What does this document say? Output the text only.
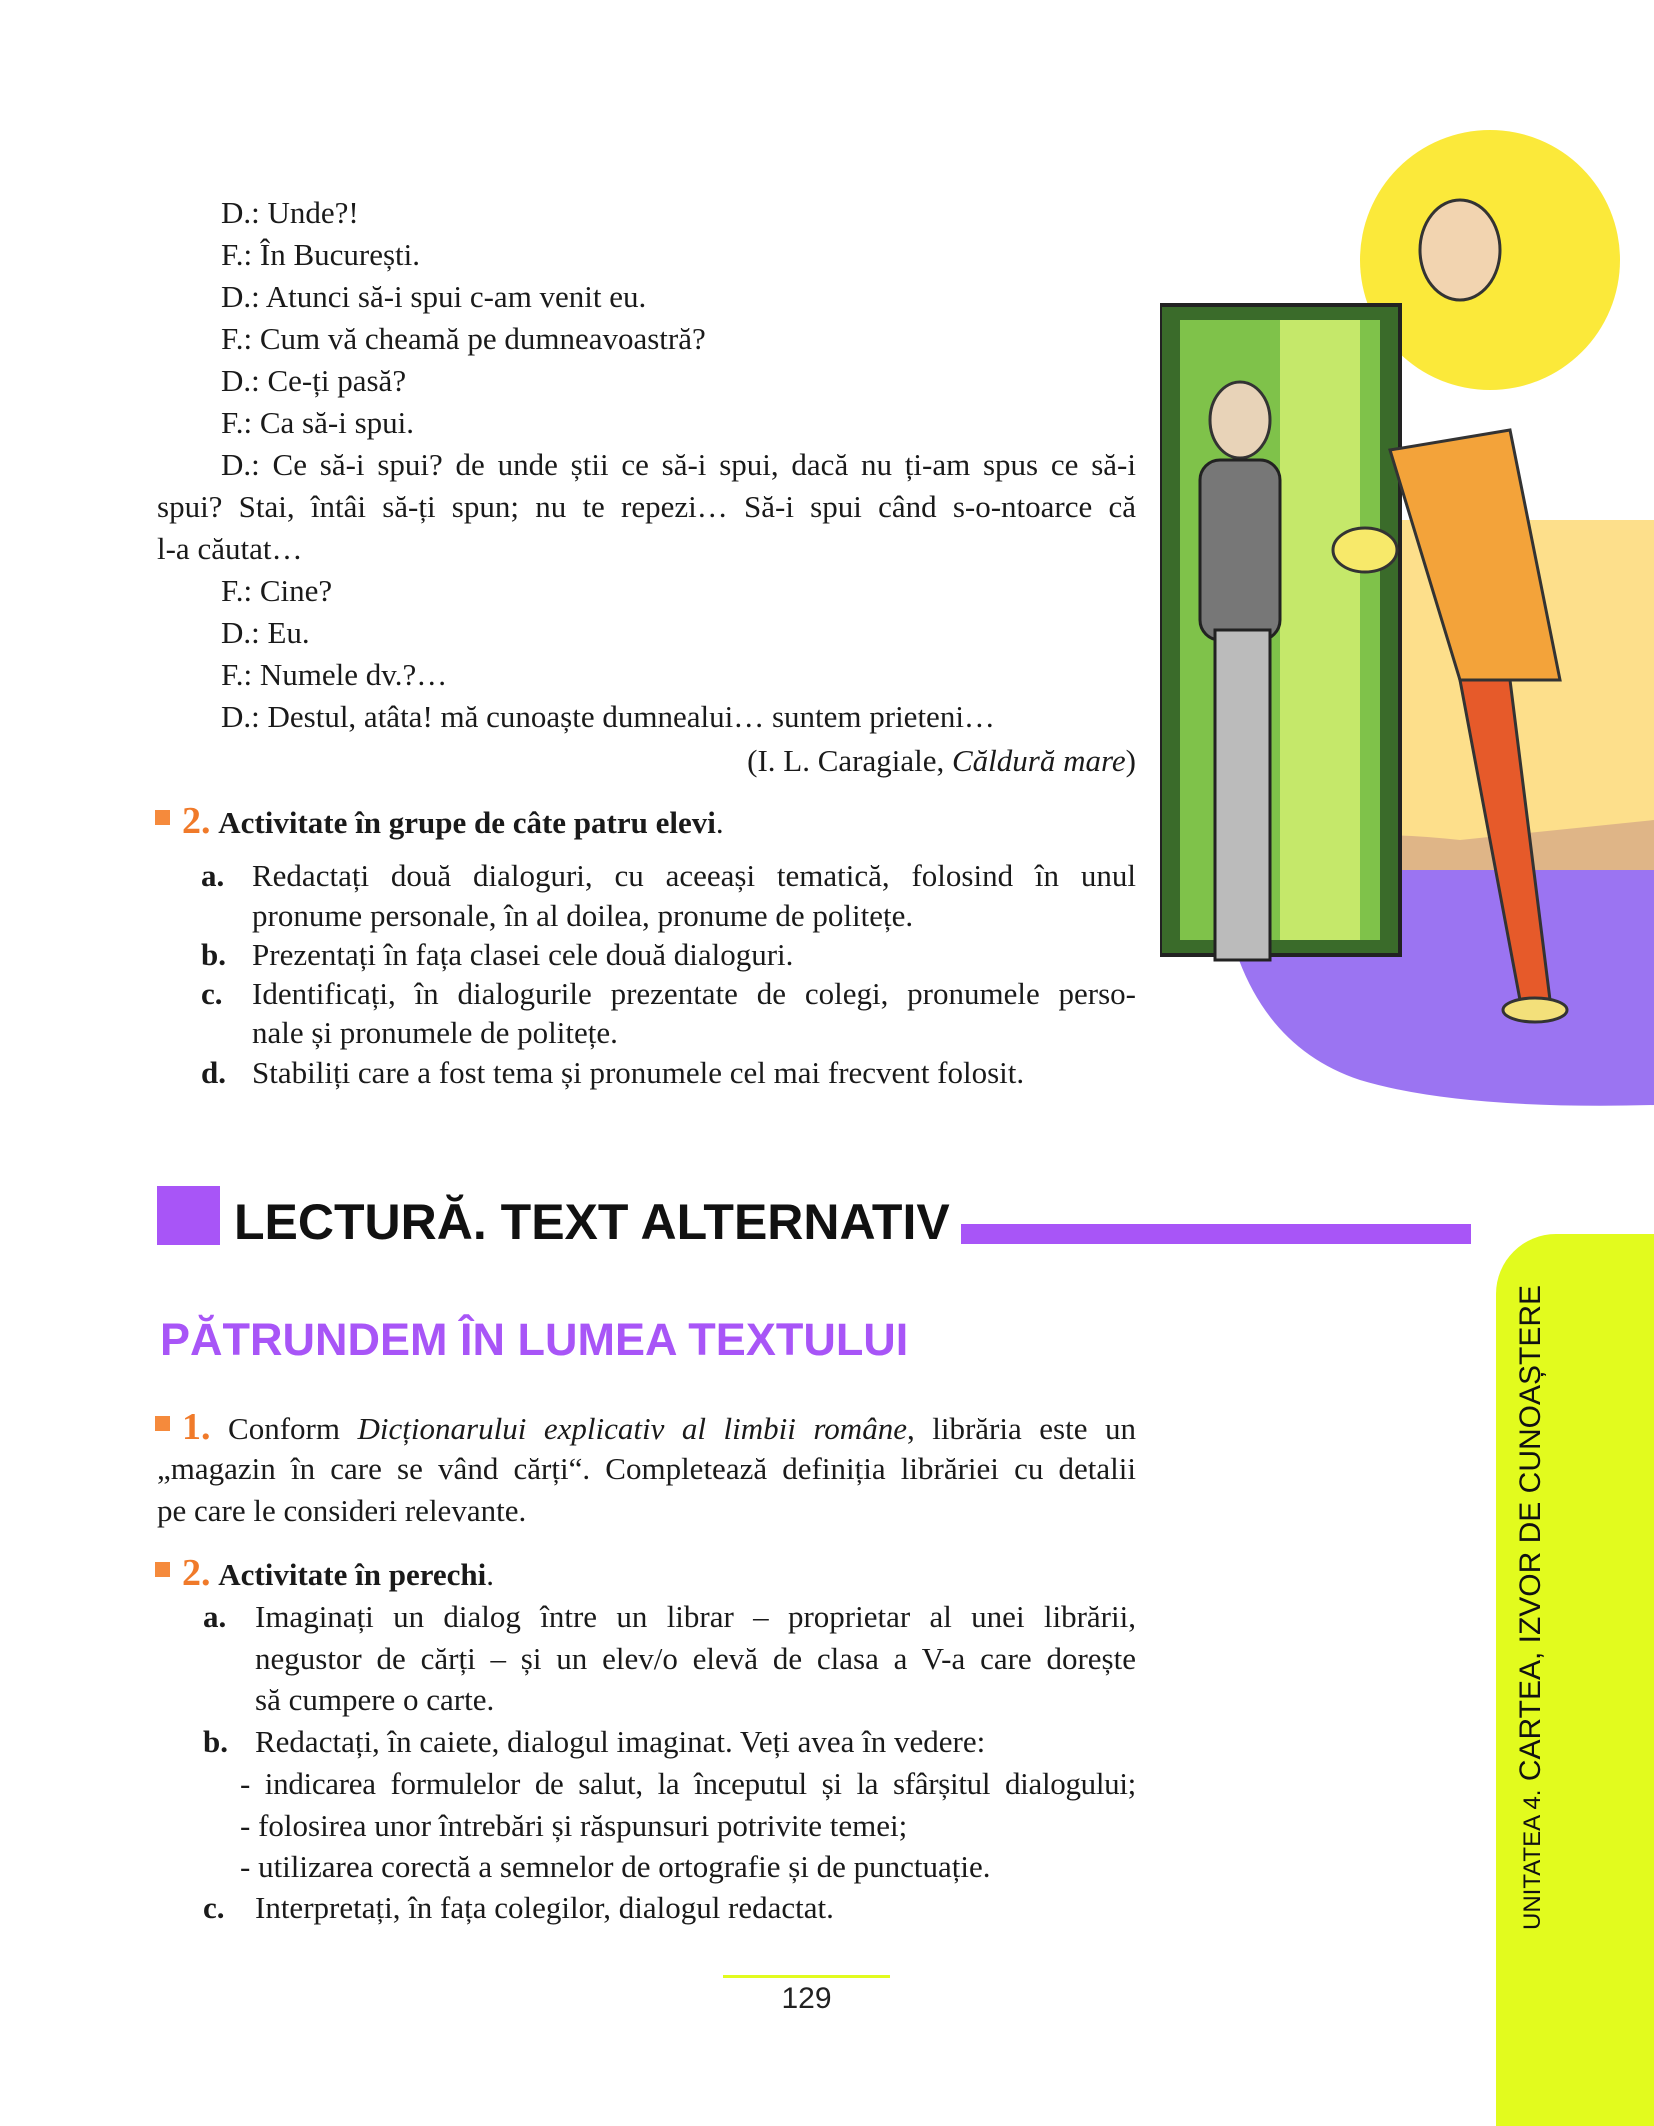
D.: Unde?!
F.: În București.
D.: Atunci să-i spui c-am venit eu.
F.: Cum vă cheamă pe dumneavoastră?
D.: Ce-ți pasă?
F.: Ca să-i spui.
D.: Ce să-i spui? de unde știi ce să-i spui, dacă nu ți-am spus ce să-i
spui? Stai, întâi să-ți spun; nu te repezi… Să-i spui când s-o-ntoarce că
l-a căutat…
F.: Cine?
D.: Eu.
F.: Numele dv.?…
D.: Destul, atâta! mă cunoaște dumnealui… suntem prieteni…
(I. L. Caragiale, Căldură mare)
2. Activitate în grupe de câte patru elevi.
a. Redactați două dialoguri, cu aceeași tematică, folosind în unul
pronume personale, în al doilea, pronume de politețe.
b. Prezentați în fața clasei cele două dialoguri.
c. Identificați, în dialogurile prezentate de colegi, pronumele perso-
nale și pronumele de politețe.
d. Stabiliți care a fost tema și pronumele cel mai frecvent folosit.
LECTURĂ. TEXT ALTERNATIV
PĂTRUNDEM ÎN LUMEA TEXTULUI
1. Conform Dicționarului explicativ al limbii române, librăria este un
„magazin în care se vând cărți“. Completează definiția librăriei cu detalii
pe care le consideri relevante.
2. Activitate în perechi.
a. Imaginați un dialog între un librar – proprietar al unei librării,
negustor de cărți – și un elev/o elevă de clasa a V-a care dorește
să cumpere o carte.
b. Redactați, în caiete, dialogul imaginat. Veți avea în vedere:
- indicarea formulelor de salut, la începutul și la sfârșitul dialogului;
- folosirea unor întrebări și răspunsuri potrivite temei;
- utilizarea corectă a semnelor de ortografie și de punctuație.
c. Interpretați, în fața colegilor, dialogul redactat.
129
UNITATEA 4. CARTEA, IZVOR DE CUNOAȘTERE
